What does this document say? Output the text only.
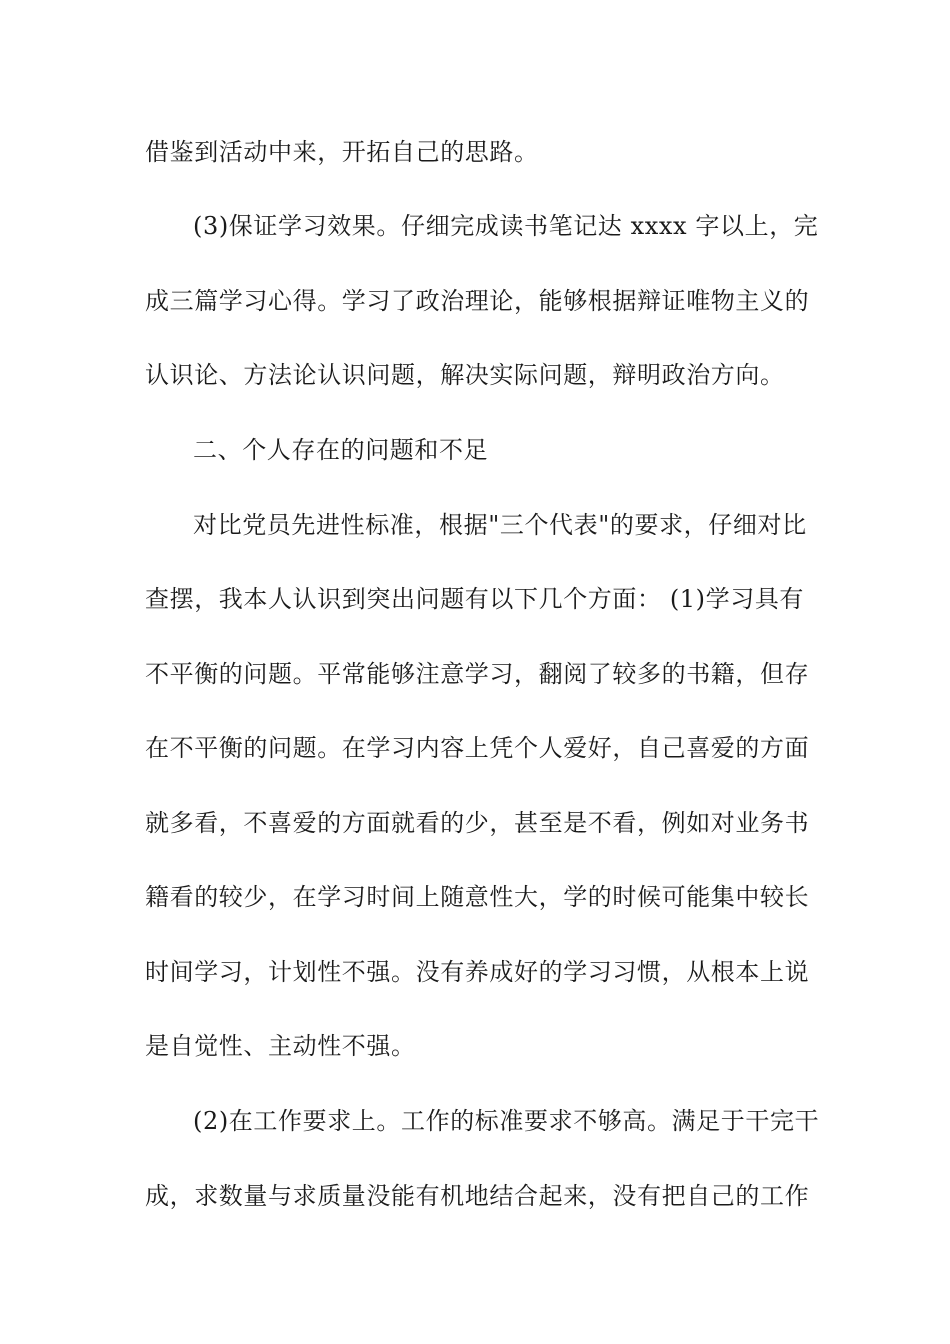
借鉴到活动中来，开拓自己的思路。
(3)保证学习效果。仔细完成读书笔记达 xxxx 字以上，完
成三篇学习心得。学习了政治理论，能够根据辩证唯物主义的
认识论、方法论认识问题，解决实际问题，辩明政治方向。
二、个人存在的问题和不足
对比党员先进性标准，根据"三个代表"的要求，仔细对比
查摆，我本人认识到突出问题有以下几个方面： (1)学习具有
不平衡的问题。平常能够注意学习，翻阅了较多的书籍，但存
在不平衡的问题。在学习内容上凭个人爱好，自己喜爱的方面
就多看，不喜爱的方面就看的少，甚至是不看，例如对业务书
籍看的较少，在学习时间上随意性大，学的时候可能集中较长
时间学习，计划性不强。没有养成好的学习习惯，从根本上说
是自觉性、主动性不强。
(2)在工作要求上。工作的标准要求不够高。满足于干完干
成，求数量与求质量没能有机地结合起来，没有把自己的工作
